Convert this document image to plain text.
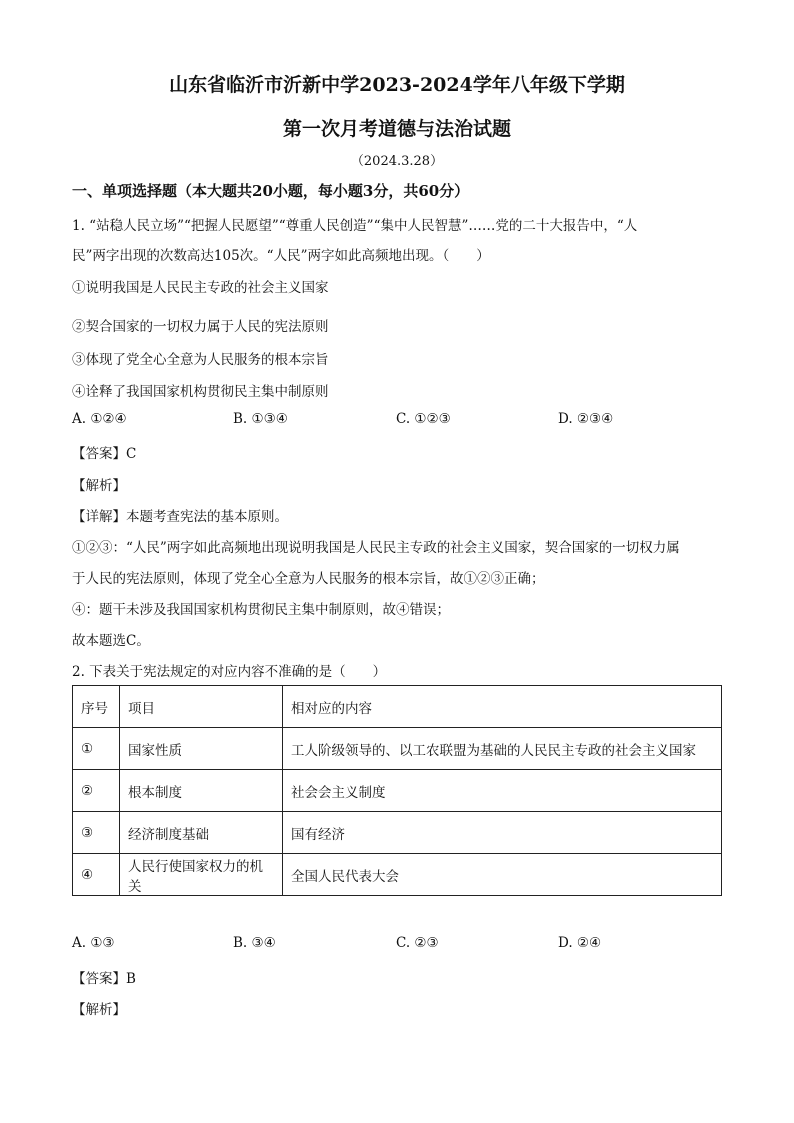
山东省临沂市沂新中学2023-2024学年八年级下学期
第一次月考道德与法治试题
（2024.3.28）
一、单项选择题（本大题共20小题，每小题3分，共60分）
1. “站稳人民立场”“把握人民愿望”“尊重人民创造”“集中人民智慧”……党的二十大报告中，“人
民”两字出现的次数高达105次。“人民”两字如此高频地出现。（　　）
①说明我国是人民民主专政的社会主义国家
②契合国家的一切权力属于人民的宪法原则
③体现了党全心全意为人民服务的根本宗旨
④诠释了我国国家机构贯彻民主集中制原则
A. ①②④	B. ①③④	C. ①②③	D. ②③④
【答案】C
【解析】
【详解】本题考查宪法的基本原则。
①②③：“人民”两字如此高频地出现说明我国是人民民主专政的社会主义国家，契合国家的一切权力属
于人民的宪法原则，体现了党全心全意为人民服务的根本宗旨，故①②③正确；
④：题干未涉及我国国家机构贯彻民主集中制原则，故④错误；
故本题选C。
2. 下表关于宪法规定的对应内容不准确的是（　　）
序号	项目	相对应的内容
①	国家性质	工人阶级领导的、以工农联盟为基础的人民民主专政的社会主义国家
②	根本制度	社会会主义制度
③	经济制度基础	国有经济
④	人民行使国家权力的机关	全国人民代表大会
A. ①③	B. ③④	C. ②③	D. ②④
【答案】B
【解析】
